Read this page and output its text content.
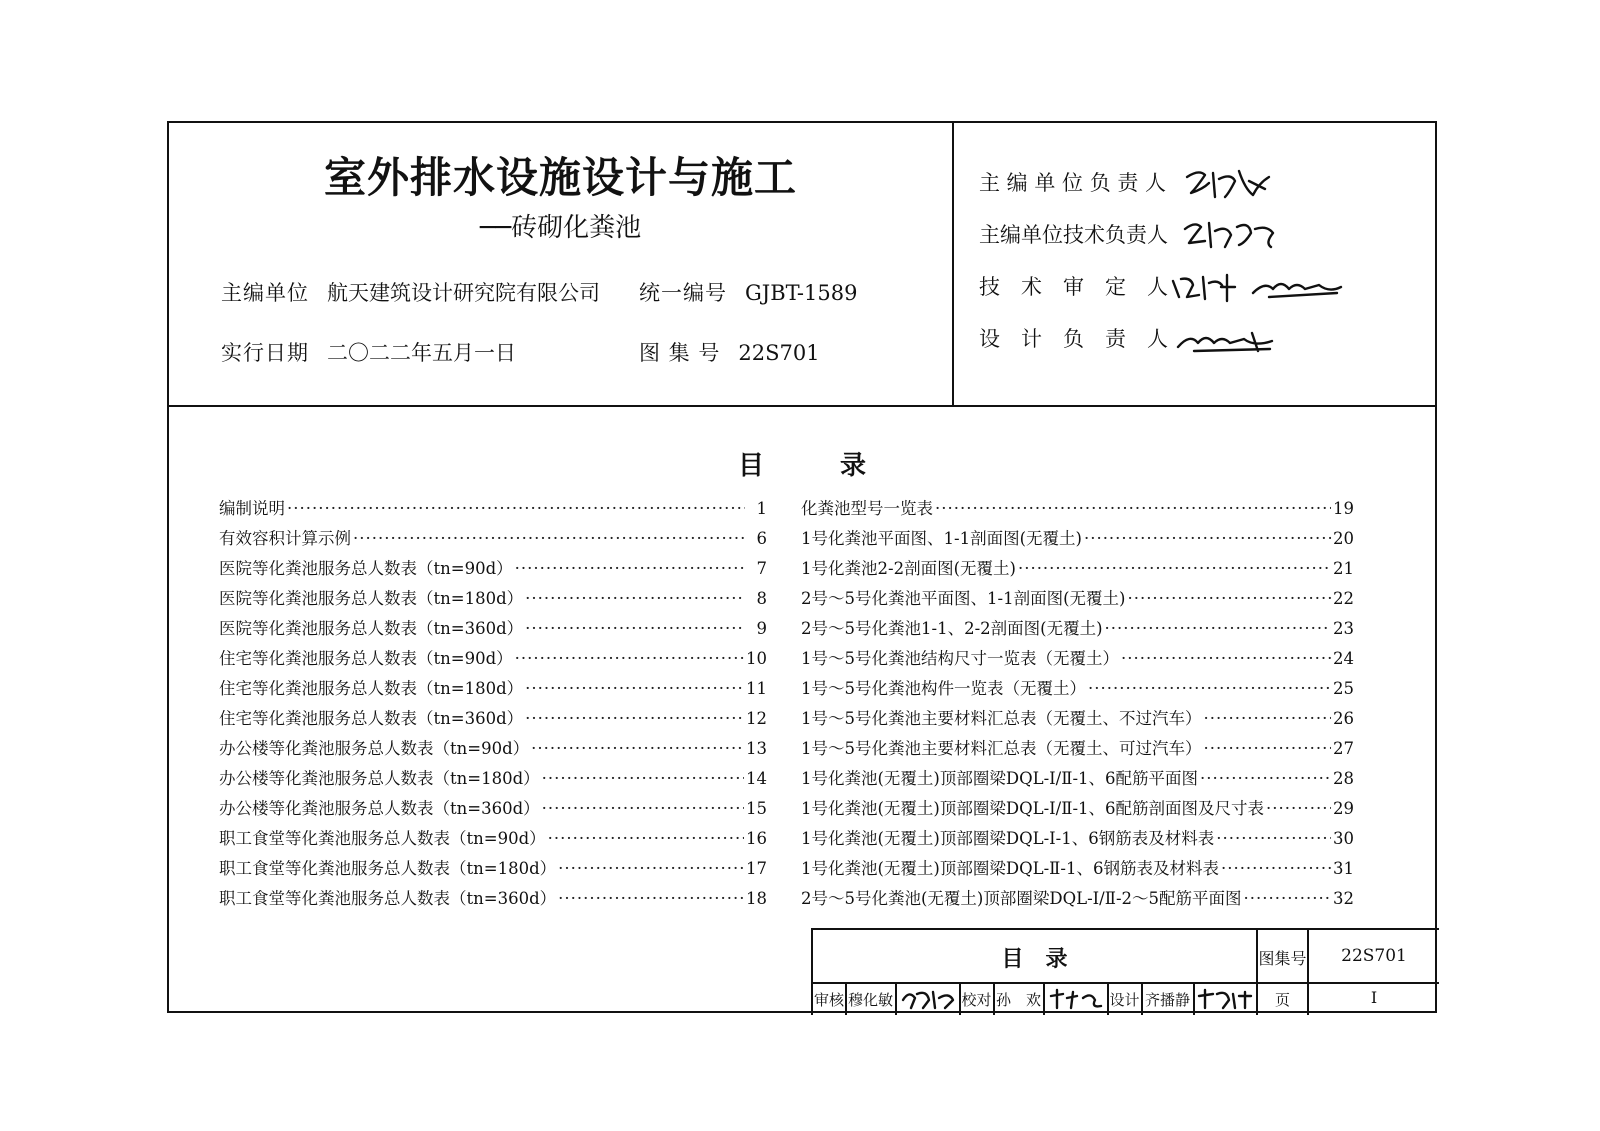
室外排水设施设计与施工
──砖砌化粪池
主编单位 航天建筑设计研究院有限公司 统一编号 GJBT-1589
实行日期 二〇二二年五月一日	图 集 号 22S701
主 编 单 位 负 责 人
主编单位技术负责人
技　术　审　定　人
设　计　负　责　人
目	录
编制说明 ·····	1
有效容积计算示例 ·····	6
医院等化粪池服务总人数表（tn=90d） ·····	7
医院等化粪池服务总人数表（tn=180d） ·····	8
医院等化粪池服务总人数表（tn=360d） ·····	9
住宅等化粪池服务总人数表（tn=90d） ·····	10
住宅等化粪池服务总人数表（tn=180d） ·····	11
住宅等化粪池服务总人数表（tn=360d） ·····	12
办公楼等化粪池服务总人数表（tn=90d） ·····	13
办公楼等化粪池服务总人数表（tn=180d） ·····	14
办公楼等化粪池服务总人数表（tn=360d） ·····	15
职工食堂等化粪池服务总人数表（tn=90d） ·····	16
职工食堂等化粪池服务总人数表（tn=180d） ·····	17
职工食堂等化粪池服务总人数表（tn=360d） ·····	18
化粪池型号一览表 ·····	19
1号化粪池平面图、1-1剖面图(无覆土) ·····	20
1号化粪池2-2剖面图(无覆土) ·····	21
2号～5号化粪池平面图、1-1剖面图(无覆土) ·····	22
2号～5号化粪池1-1、2-2剖面图(无覆土) ·····	23
1号～5号化粪池结构尺寸一览表（无覆土） ·····	24
1号～5号化粪池构件一览表（无覆土） ·····	25
1号～5号化粪池主要材料汇总表（无覆土、不过汽车） ·····	26
1号～5号化粪池主要材料汇总表（无覆土、可过汽车） ·····	27
1号化粪池(无覆土)顶部圈梁DQL-Ⅰ/Ⅱ-1、6配筋平面图 ·····	28
1号化粪池(无覆土)顶部圈梁DQL-Ⅰ/Ⅱ-1、6配筋剖面图及尺寸表 ·····	29
1号化粪池(无覆土)顶部圈梁DQL-Ⅰ-1、6钢筋表及材料表 ·····	30
1号化粪池(无覆土)顶部圈梁DQL-Ⅱ-1、6钢筋表及材料表 ·····	31
2号～5号化粪池(无覆土)顶部圈梁DQL-Ⅰ/Ⅱ-2～5配筋平面图 ·····	32
目　录	图集号	22S701
审核 穆化敏	校对 孙　欢	设计 齐播静	页	Ⅰ
